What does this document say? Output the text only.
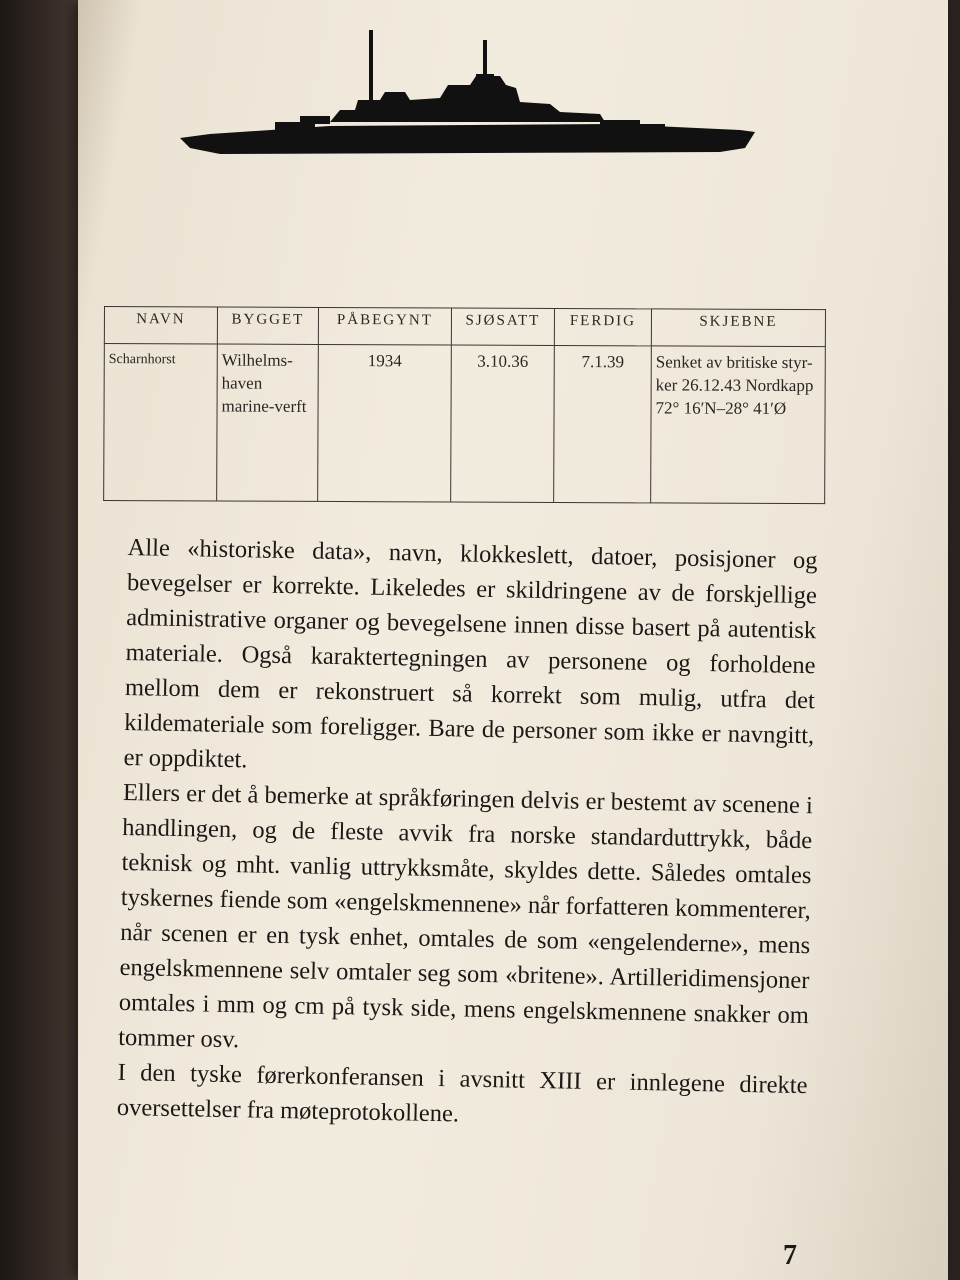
NAVN	BYGGET	PÅBEGYNT	SJØSATT	FERDIG	SKJEBNE
Scharnhorst	Wilhelms-haven marine-verft	1934	3.10.36	7.1.39	Senket av britiske styr-ker 26.12.43 Nordkapp 72° 16′N–28° 41′Ø

Alle «historiske data», navn, klokkeslett, datoer, posisjoner og bevegelser er korrekte. Likeledes er skildringene av de forskjellige administrative organer og bevegelsene innen disse basert på autentisk materiale. Også karaktertegningen av personene og forholdene mellom dem er rekonstruert så korrekt som mulig, utfra det kildemateriale som foreligger. Bare de personer som ikke er navngitt, er oppdiktet.

Ellers er det å bemerke at språkføringen delvis er bestemt av scenene i handlingen, og de fleste avvik fra norske standarduttrykk, både teknisk og mht. vanlig uttrykksmåte, skyldes dette. Således omtales tyskernes fiende som «engelskmennene» når forfatteren kommenterer, når scenen er en tysk enhet, omtales de som «engelenderne», mens engelskmennene selv omtaler seg som «britene». Artilleridimensjoner omtales i mm og cm på tysk side, mens engelskmennene snakker om tommer osv.

I den tyske førerkonferansen i avsnitt XIII er innlegene direkte oversettelser fra møteprotokollene.

7
